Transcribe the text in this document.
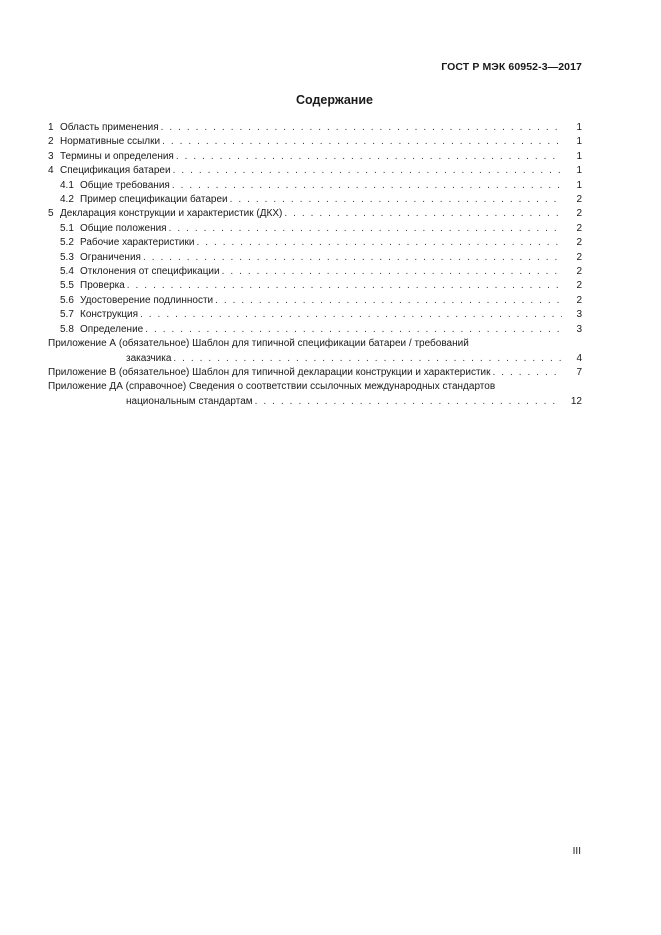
ГОСТ Р МЭК 60952-3—2017
Содержание
1 Область применения . . .	1
2 Нормативные ссылки . . .	1
3 Термины и определения . . .	1
4 Спецификация батареи . . .	1
4.1 Общие требования . . .	1
4.2 Пример спецификации батареи . . .	2
5 Декларация конструкции и характеристик (ДКХ) . . .	2
5.1 Общие положения . . .	2
5.2 Рабочие характеристики . . .	2
5.3 Ограничения . . .	2
5.4 Отклонения от спецификации . . .	2
5.5 Проверка . . .	2
5.6 Удостоверение подлинности . . .	2
5.7 Конструкция . . .	3
5.8 Определение . . .	3
Приложение А (обязательное) Шаблон для типичной спецификации батареи / требований
заказчика . . .	4
Приложение В (обязательное) Шаблон для типичной декларации конструкции и характеристик . . .	7
Приложение ДА (справочное) Сведения о соответствии ссылочных международных стандартов
национальным стандартам . . .	12
III
